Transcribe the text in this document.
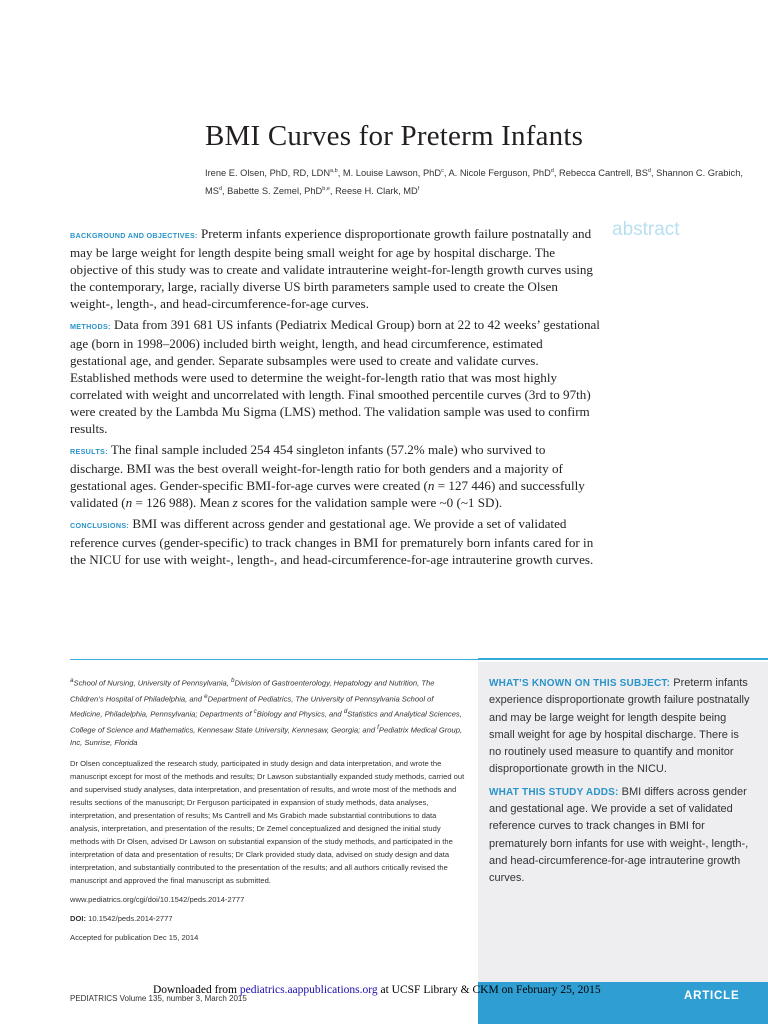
BMI Curves for Preterm Infants
Irene E. Olsen, PhD, RD, LDN$^{a,b}$, M. Louise Lawson, PhD$^c$, A. Nicole Ferguson, PhD$^d$, Rebecca Cantrell, $BS^d$, Shannon C. Grabich, $MS^d$, Babette S. Zemel, PhD$^{b,e}$, Reese H. Clark, $MD^f$
abstract

BACKGROUND AND OBJECTIVES: Preterm infants experience disproportionate growth failure postnatally and may be large weight for length despite being small weight for age by hospital discharge. The objective of this study was to create and validate intrauterine weight-for-length growth curves using the contemporary, large, racially diverse US birth parameters sample used to create the Olsen weight-, length-, and head-circumference-for-age curves.

METHODS: Data from 391 681 US infants (Pediatrix Medical Group) born at 22 to 42 weeks’ gestational age (born in 1998–2006) included birth weight, length, and head circumference, estimated gestational age, and gender. Separate subsamples were used to create and validate curves. Established methods were used to determine the weight-for-length ratio that was most highly correlated with weight and uncorrelated with length. Final smoothed percentile curves (3rd to 97th) were created by the Lambda Mu Sigma (LMS) method. The validation sample was used to confirm results.

RESULTS: The final sample included 254 454 singleton infants (57.2% male) who survived to discharge. BMI was the best overall weight-for-length ratio for both genders and a majority of gestational ages. Gender-specific BMI-for-age curves were created (n = 127 446) and successfully validated (n = 126 988). Mean z scores for the validation sample were ~0 (~1 SD).

CONCLUSIONS: BMI was different across gender and gestational age. We provide a set of validated reference curves (gender-specific) to track changes in BMI for prematurely born infants cared for in the NICU for use with weight-, length-, and head-circumference-for-age intrauterine growth curves.

$^a$School of Nursing, University of Pennsylvania, $^b$Division of Gastroenterology, Hepatology and Nutrition, The Children’s Hospital of Philadelphia, and $^e$Department of Pediatrics, The University of Pennsylvania School of Medicine, Philadelphia, Pennsylvania; Departments of $^c$Biology and Physics, and $^d$Statistics and Analytical Sciences, College of Science and Mathematics, Kennesaw State University, Kennesaw, Georgia; and $^f$Pediatrix Medical Group, Inc, Sunrise, Florida

Dr Olsen conceptualized the research study, participated in study design and data interpretation, and wrote the manuscript except for most of the methods and results; Dr Lawson substantially expanded study methods, carried out and supervised study analyses, data interpretation, and presentation of results, and wrote most of the methods and results sections of the manuscript; Dr Ferguson participated in expansion of study methods, data analyses, interpretation, and presentation of results; Ms Cantrell and Ms Grabich made substantial contributions to data analysis, interpretation, and presentation of the results; Dr Zemel conceptualized and designed the initial study methods with Dr Olsen, advised Dr Lawson on substantial expansion of the study methods, and participated in the interpretation of data and presentation of results; Dr Clark provided study data, advised on study design and data interpretation, and substantially contributed to the presentation of the results; and all authors critically revised the manuscript and approved the final manuscript as submitted.

www.pediatrics.org/cgi/doi/10.1542/peds.2014-2777
DOI: 10.1542/peds.2014-2777
Accepted for publication Dec 15, 2014

WHAT’S KNOWN ON THIS SUBJECT: Preterm infants experience disproportionate growth failure postnatally and may be large weight for length despite being small weight for age by hospital discharge. There is no routinely used measure to quantify and monitor disproportionate growth in the NICU.

WHAT THIS STUDY ADDS: BMI differs across gender and gestational age. We provide a set of validated reference curves to track changes in BMI for prematurely born infants for use with weight-, length-, and head-circumference-for-age intrauterine growth curves.

ARTICLE
PEDIATRICS Volume 135, number 3, March 2015
Downloaded from pediatrics.aappublications.org at UCSF Library & CKM on February 25, 2015
